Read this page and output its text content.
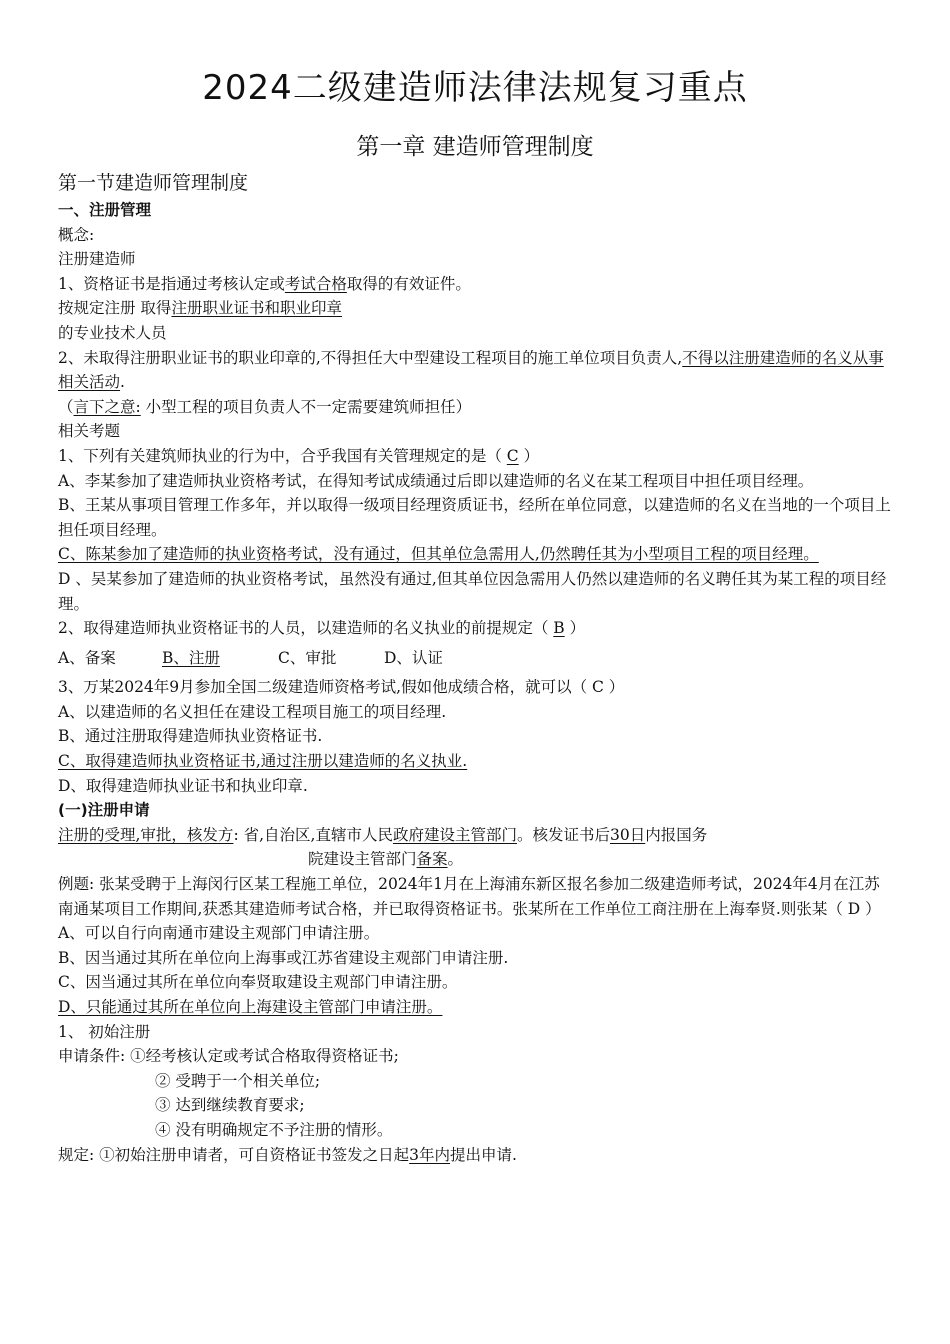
2024二级建造师法律法规复习重点
第一章 建造师管理制度

第一节建造师管理制度

一、注册管理

概念:

注册建造师

1、资格证书是指通过考核认定或考试合格取得的有效证件。

按规定注册 取得注册职业证书和职业印章

的专业技术人员

2、未取得注册职业证书的职业印章的,不得担任大中型建设工程项目的施工单位项目负责人,不得以注册建造师的名义从事相关活动.

（言下之意: 小型工程的项目负责人不一定需要建筑师担任）

相关考题

1、下列有关建筑师执业的行为中，合乎我国有关管理规定的是（ C ）

A、李某参加了建造师执业资格考试，在得知考试成绩通过后即以建造师的名义在某工程项目中担任项目经理。

B、王某从事项目管理工作多年，并以取得一级项目经理资质证书，经所在单位同意，以建造师的名义在当地的一个项目上担任项目经理。

C、陈某参加了建造师的执业资格考试，没有通过，但其单位急需用人,仍然聘任其为小型项目工程的项目经理。

D 、吴某参加了建造师的执业资格考试，虽然没有通过,但其单位因急需用人仍然以建造师的名义聘任其为某工程的项目经理。

2、取得建造师执业资格证书的人员，以建造师的名义执业的前提规定（ B ）

A、备案	B、注册	C、审批	D、认证

3、万某2024年9月参加全国二级建造师资格考试,假如他成绩合格，就可以（ C ）

A、以建造师的名义担任在建设工程项目施工的项目经理.

B、通过注册取得建造师执业资格证书.

C、取得建造师执业资格证书,通过注册以建造师的名义执业.

D、取得建造师执业证书和执业印章.

(一)注册申请

注册的受理,审批，核发方: 省,自治区,直辖市人民政府建设主管部门。核发证书后30日内报国务

院建设主管部门备案。

例题: 张某受聘于上海闵行区某工程施工单位，2024年1月在上海浦东新区报名参加二级建造师考试，2024年4月在江苏南通某项目工作期间,获悉其建造师考试合格，并已取得资格证书。张某所在工作单位工商注册在上海奉贤.则张某（ D ）

A、可以自行向南通市建设主观部门申请注册。

B、因当通过其所在单位向上海事或江苏省建设主观部门申请注册.

C、因当通过其所在单位向奉贤取建设主观部门申请注册。

D、只能通过其所在单位向上海建设主管部门申请注册。

1、 初始注册

申请条件: ①经考核认定或考试合格取得资格证书;

② 受聘于一个相关单位;

③ 达到继续教育要求;

④ 没有明确规定不予注册的情形。

规定: ①初始注册申请者，可自资格证书签发之日起3年内提出申请.
